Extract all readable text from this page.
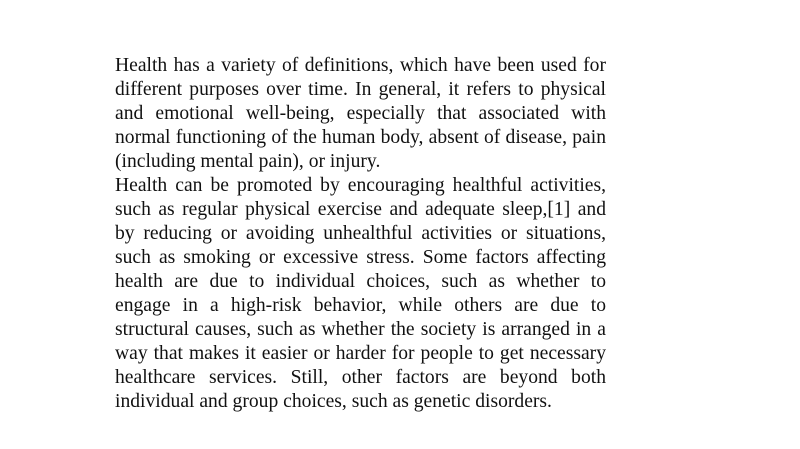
Health has a variety of definitions, which have been used for different purposes over time. In general, it refers to physical and emotional well-being, especially that associated with normal functioning of the human body, absent of disease, pain (including mental pain), or injury.

Health can be promoted by encouraging healthful activities, such as regular physical exercise and adequate sleep,[1] and by reducing or avoiding unhealthful activities or situations, such as smoking or excessive stress. Some factors affecting health are due to individual choices, such as whether to engage in a high-risk behavior, while others are due to structural causes, such as whether the society is arranged in a way that makes it easier or harder for people to get necessary healthcare services. Still, other factors are beyond both individual and group choices, such as genetic disorders.
